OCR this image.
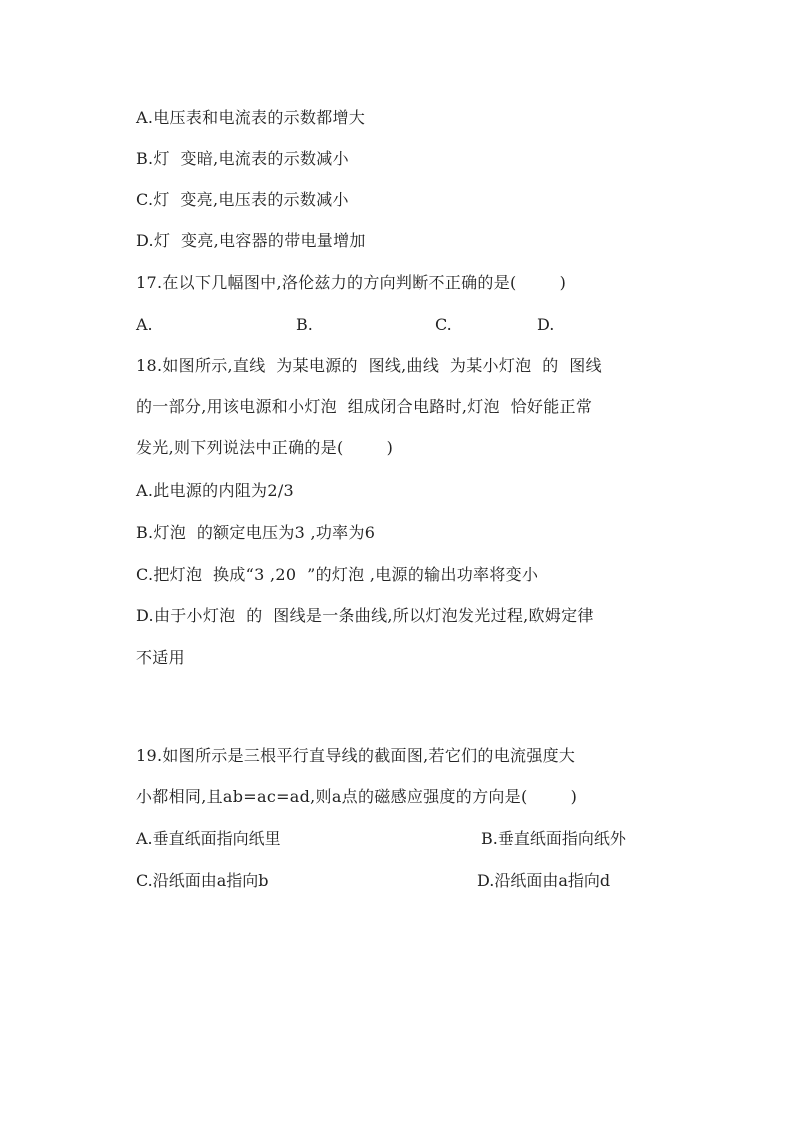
A.电压表和电流表的示数都增大
B.灯  变暗,电流表的示数减小
C.灯  变亮,电压表的示数减小
D.灯  变亮,电容器的带电量增加
17.在以下几幅图中,洛伦兹力的方向判断不正确的是(        )
A.	B.	C.	D.
18.如图所示,直线  为某电源的  图线,曲线  为某小灯泡  的  图线
的一部分,用该电源和小灯泡  组成闭合电路时,灯泡  恰好能正常
发光,则下列说法中正确的是(        )
A.此电源的内阻为2/3
B.灯泡  的额定电压为3 ,功率为6
C.把灯泡  换成“3 ,20  ”的灯泡 ,电源的输出功率将变小
D.由于小灯泡  的  图线是一条曲线,所以灯泡发光过程,欧姆定律
不适用
19.如图所示是三根平行直导线的截面图,若它们的电流强度大
小都相同,且ab=ac=ad,则a点的磁感应强度的方向是(        )
A.垂直纸面指向纸里	B.垂直纸面指向纸外
C.沿纸面由a指向b	D.沿纸面由a指向d
